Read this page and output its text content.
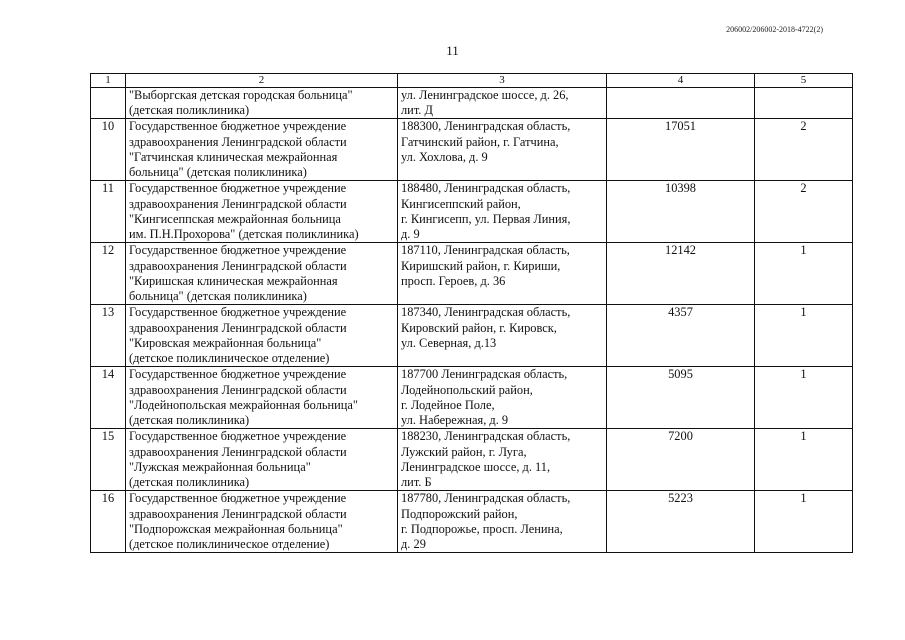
206002/206002-2018-4722(2)
11
1	2	3	4	5
	"Выборгская детская городская больница"
(детская поликлиника)	ул. Ленинградское шоссе, д. 26,
лит. Д		
10	Государственное бюджетное учреждение
здравоохранения Ленинградской области
"Гатчинская клиническая межрайонная
больница" (детская поликлиника)	188300, Ленинградская область,
Гатчинский район, г. Гатчина,
ул. Хохлова, д. 9	17051	2
11	Государственное бюджетное учреждение
здравоохранения Ленинградской области
"Кингисеппская межрайонная больница
им. П.Н.Прохорова" (детская поликлиника)	188480, Ленинградская область,
Кингисеппский район,
г. Кингисепп, ул. Первая Линия,
д. 9	10398	2
12	Государственное бюджетное учреждение
здравоохранения Ленинградской области
"Киришская клиническая межрайонная
больница" (детская поликлиника)	187110, Ленинградская область,
Киришский район, г. Кириши,
просп. Героев, д. 36	12142	1
13	Государственное бюджетное учреждение
здравоохранения Ленинградской области
"Кировская межрайонная больница"
(детское поликлиническое отделение)	187340, Ленинградская область,
Кировский район, г. Кировск,
ул. Северная, д.13	4357	1
14	Государственное бюджетное учреждение
здравоохранения Ленинградской области
"Лодейнопольская межрайонная больница"
(детская поликлиника)	187700 Ленинградская область,
Лодейнопольский район,
г. Лодейное Поле,
ул. Набережная, д. 9	5095	1
15	Государственное бюджетное учреждение
здравоохранения Ленинградской области
"Лужская межрайонная больница"
(детская поликлиника)	188230, Ленинградская область,
Лужский район, г. Луга,
Ленинградское шоссе, д. 11,
лит. Б	7200	1
16	Государственное бюджетное учреждение
здравоохранения Ленинградской области
"Подпорожская межрайонная больница"
(детское поликлиническое отделение)	187780, Ленинградская область,
Подпорожский район,
г. Подпорожье, просп. Ленина,
д. 29	5223	1
